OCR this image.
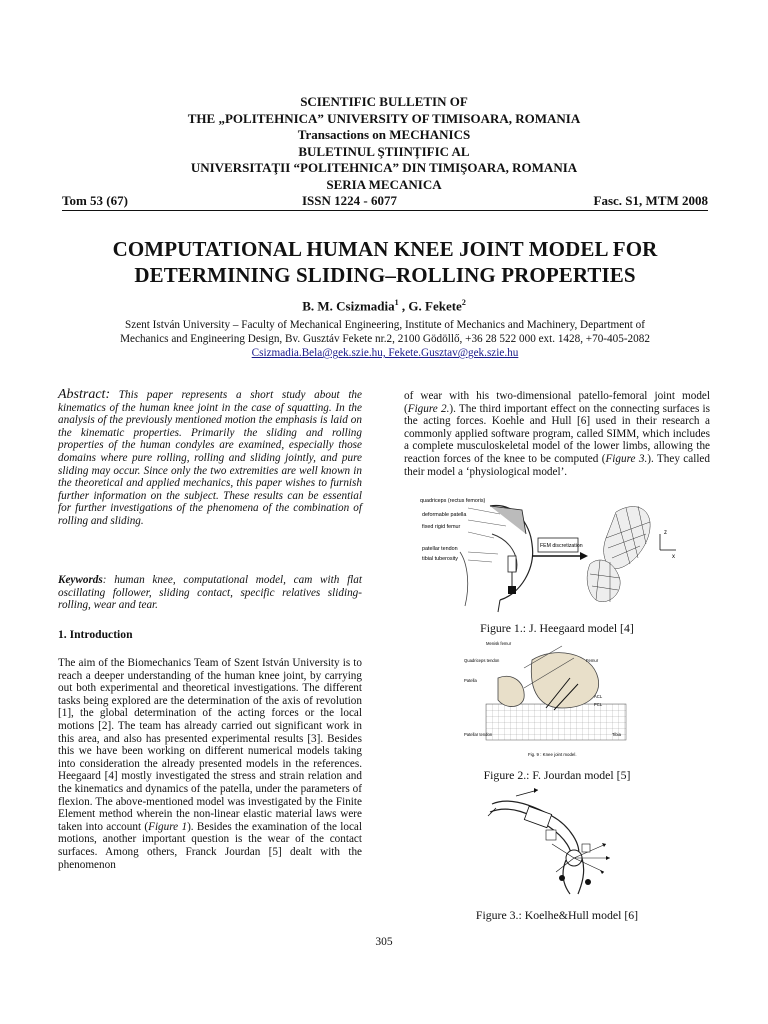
SCIENTIFIC BULLETIN OF
THE „POLITEHNICA” UNIVERSITY OF TIMISOARA, ROMANIA
Transactions on MECHANICS
BULETINUL ŞTIINŢIFIC AL
UNIVERSITAŢII “POLITEHNICA” DIN TIMIŞOARA, ROMANIA
SERIA MECANICA
Tom 53 (67)	ISSN 1224 - 6077	Fasc. S1, MTM 2008
COMPUTATIONAL HUMAN KNEE JOINT MODEL FOR
DETERMINING SLIDING–ROLLING PROPERTIES
B. M. Csizmadia$^1$ , G. Fekete$^2$
Szent István University – Faculty of Mechanical Engineering, Institute of Mechanics and Machinery, Department of
Mechanics and Engineering Design, Bv. Gusztáv Fekete nr.2, 2100 Gödöllő, +36 28 522 000 ext. 1428, +70-405-2082
Csizmadia.Bela@gek.szie.hu, Fekete.Gusztav@gek.szie.hu
Abstract: This paper represents a short study about the kinematics of the human knee joint in the case of squatting. In the analysis of the previously mentioned motion the emphasis is laid on the kinematic properties. Primarily the sliding and rolling properties of the human condyles are examined, especially those domains where pure rolling, rolling and sliding jointly, and pure sliding may occur. Since only the two extremities are well known in the theoretical and applied mechanics, this paper wishes to furnish further information on the subject. These results can be essential for further investigations of the phenomena of the combination of rolling and sliding.
Keywords: human knee, computational model, cam with flat oscillating follower, sliding contact, specific relatives sliding-rolling, wear and tear.
1. Introduction
The aim of the Biomechanics Team of Szent István University is to reach a deeper understanding of the human knee joint, by carrying out both experimental and theoretical investigations. The different tasks being explored are the determination of the axis of revolution [1], the global determination of the acting forces or the local motions [2]. The team has already carried out significant work in this area, and also has presented experimental results [3]. Besides this we have been working on different numerical models taking into consideration the already presented models in the references. Heegaard [4] mostly investigated the stress and strain relation and the kinematics and dynamics of the patella, under the parameters of flexion. The above-mentioned model was investigated by the Finite Element method wherein the non-linear elastic material laws were taken into account (Figure 1). Besides the examination of the local motions, another important question is the wear of the contact surfaces. Among others, Franck Jourdan [5] dealt with the phenomenon
of wear with his two-dimensional patello-femoral joint model (Figure 2.). The third important effect on the connecting surfaces is the acting forces. Koehle and Hull [6] used in their research a commonly applied software program, called SIMM, which includes a complete musculoskeletal model of the lower limbs, allowing the reaction forces of the knee to be computed (Figure 3.). They called their model a ‘physiological model’.
quadriceps (rectus femoris)
deformable patella
fixed rigid femur
patellar tendon
tibial tuberosity
FEM discretization
z
x
Figure 1.: J. Heegaard model [4]
Menisk femur
Quadriceps tendon
Patella
Femur
ACL
PCL
Patellar tendon	Tibia
Fig. 9 : Knee joint model.
Figure 2.: F. Jourdan model [5]
Figure 3.: Koelhe&Hull model [6]
305
